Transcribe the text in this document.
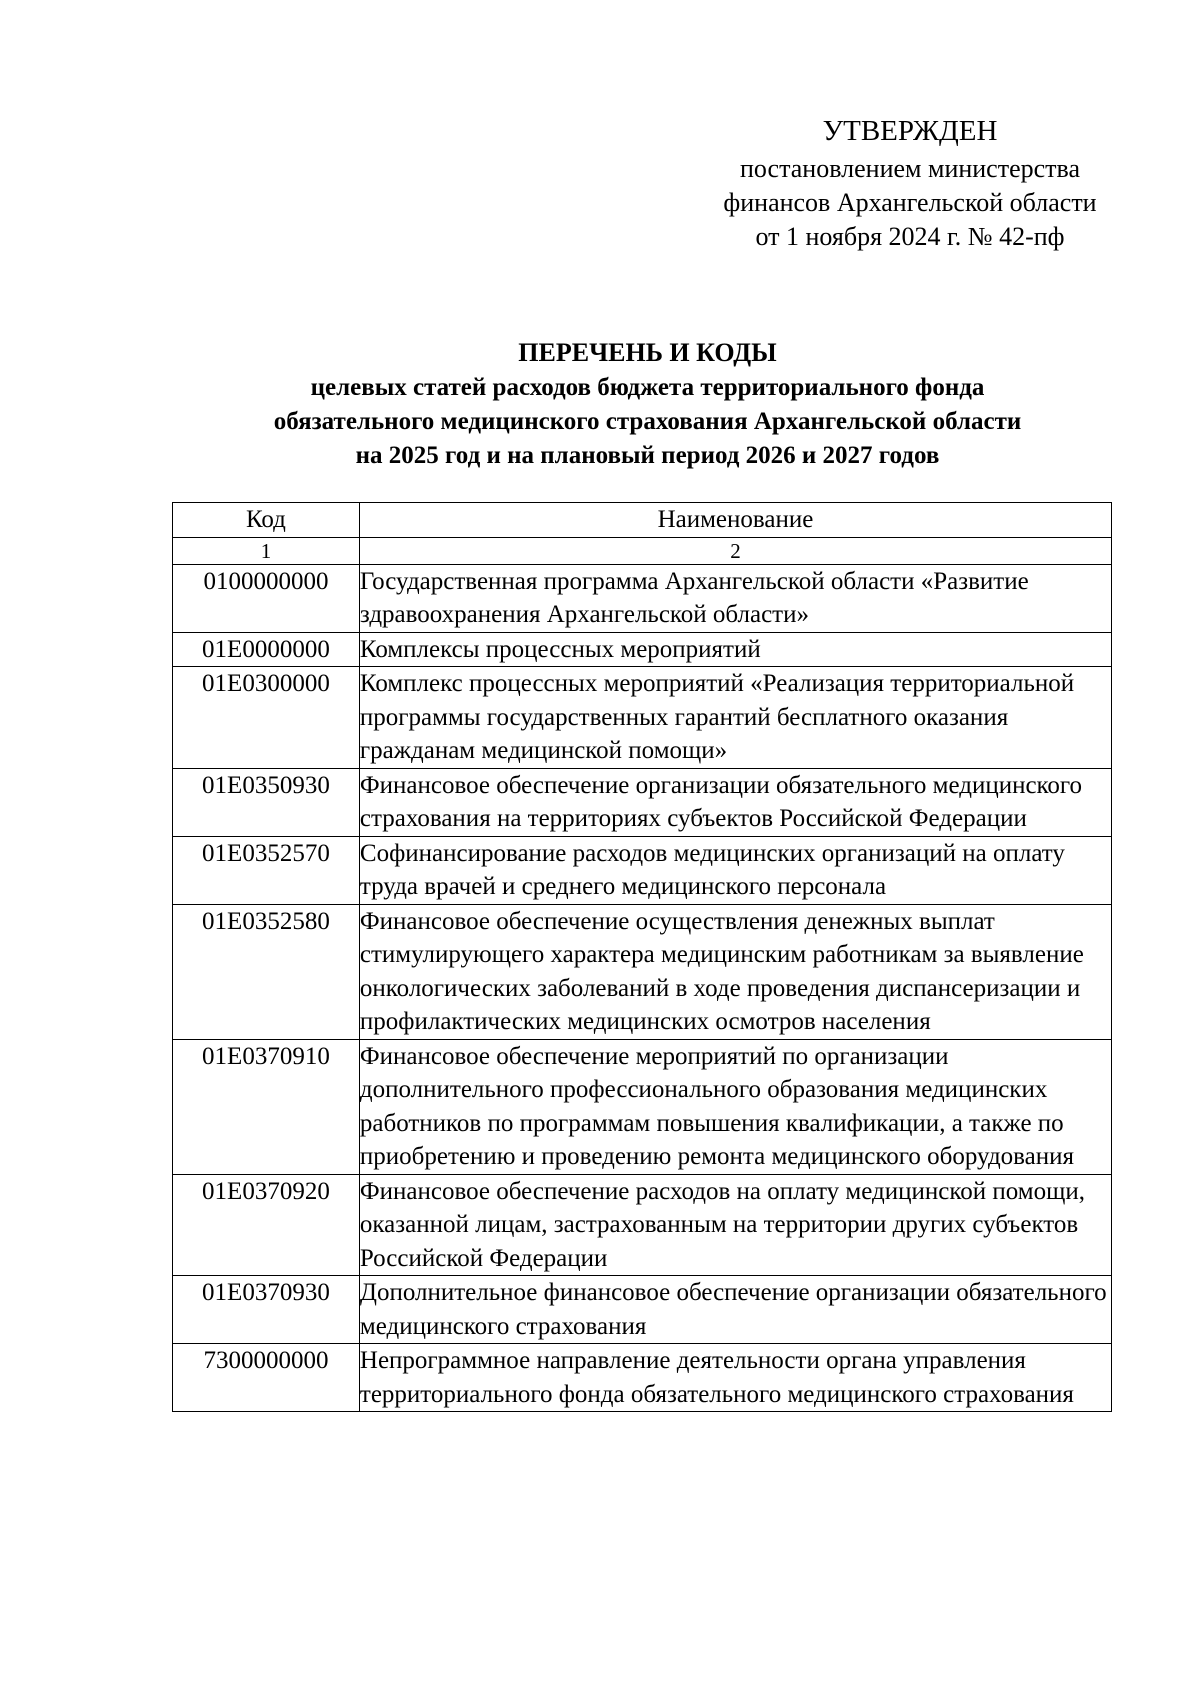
УТВЕРЖДЕН
постановлением министерства
финансов Архангельской области
от 1 ноября 2024 г. № 42-пф
ПЕРЕЧЕНЬ И КОДЫ
целевых статей расходов бюджета территориального фонда
обязательного медицинского страхования Архангельской области
на 2025 год и на плановый период 2026 и 2027 годов
Код	Наименование
1	2
0100000000	Государственная программа Архангельской области «Развитие здравоохранения Архангельской области»
01Е0000000	Комплексы процессных мероприятий
01Е0300000	Комплекс процессных мероприятий «Реализация территориальной программы государственных гарантий бесплатного оказания гражданам медицинской помощи»
01Е0350930	Финансовое обеспечение организации обязательного медицинского страхования на территориях субъектов Российской Федерации
01Е0352570	Софинансирование расходов медицинских организаций на оплату труда врачей и среднего медицинского персонала
01Е0352580	Финансовое обеспечение осуществления денежных выплат стимулирующего характера медицинским работникам за выявление онкологических заболеваний в ходе проведения диспансеризации и профилактических медицинских осмотров населения
01Е0370910	Финансовое обеспечение мероприятий по организации дополнительного профессионального образования медицинских работников по программам повышения квалификации, а также по приобретению и проведению ремонта медицинского оборудования
01Е0370920	Финансовое обеспечение расходов на оплату медицинской помощи, оказанной лицам, застрахованным на территории других субъектов Российской Федерации
01Е0370930	Дополнительное финансовое обеспечение организации обязательного медицинского страхования
7300000000	Непрограммное направление деятельности органа управления территориального фонда обязательного медицинского страхования
